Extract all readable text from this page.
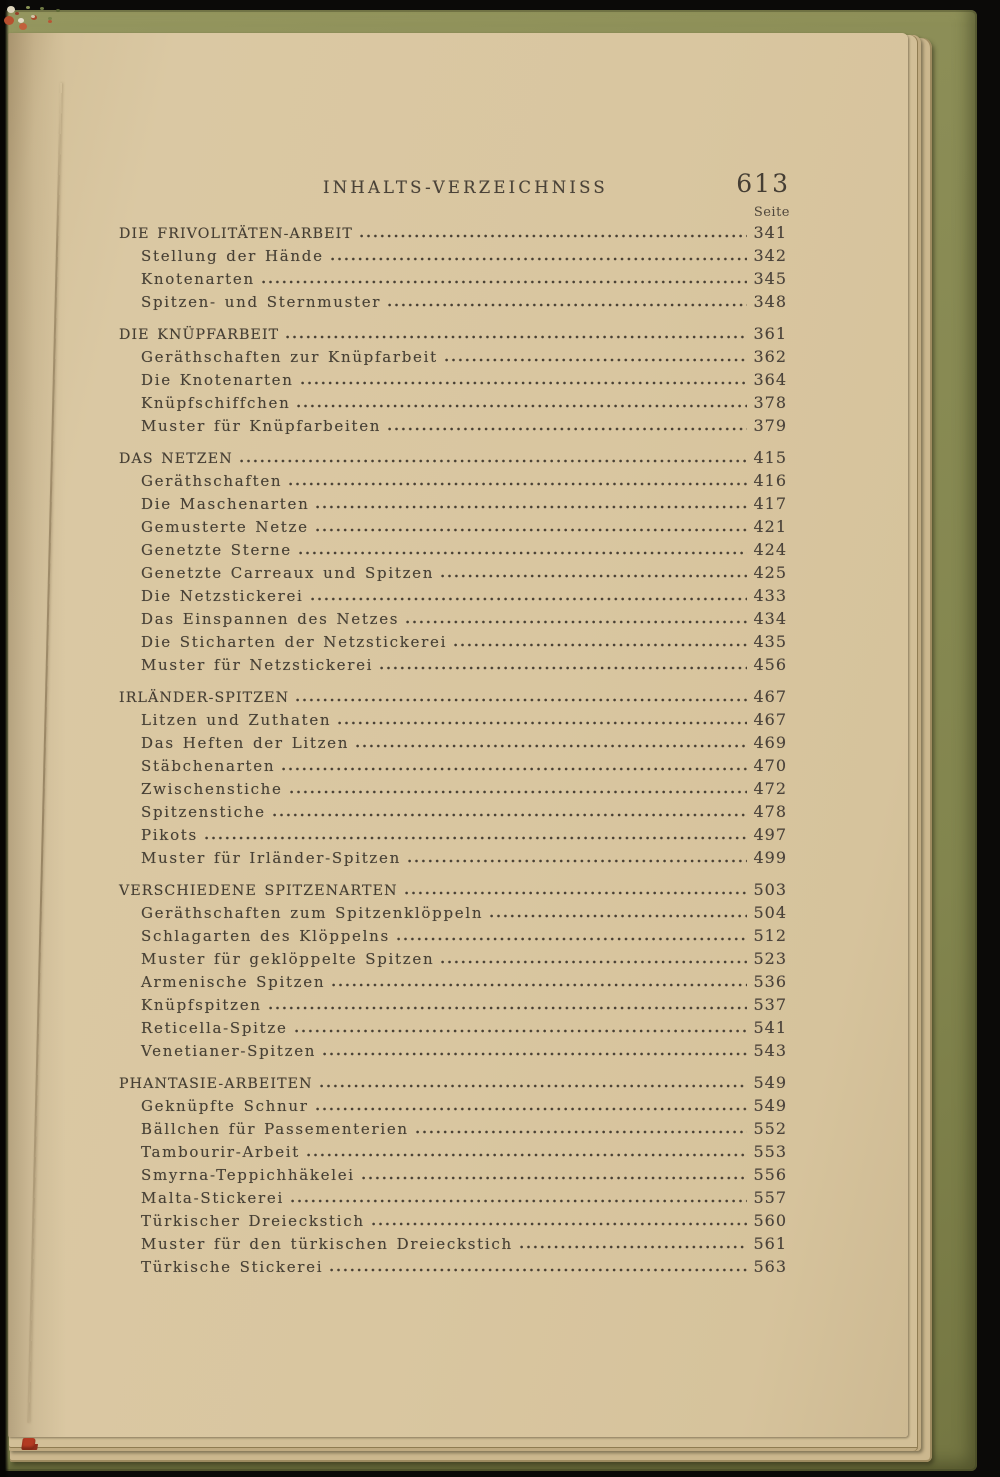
INHALTS-VERZEICHNISS	613
Seite
DIE FRIVOLITÄTEN-ARBEIT	341
Stellung der Hände	342
Knotenarten	345
Spitzen- und Sternmuster	348
DIE KNÜPFARBEIT	361
Geräthschaften zur Knüpfarbeit	362
Die Knotenarten	364
Knüpfschiffchen	378
Muster für Knüpfarbeiten	379
DAS NETZEN	415
Geräthschaften	416
Die Maschenarten	417
Gemusterte Netze	421
Genetzte Sterne	424
Genetzte Carreaux und Spitzen	425
Die Netzstickerei	433
Das Einspannen des Netzes	434
Die Sticharten der Netzstickerei	435
Muster für Netzstickerei	456
IRLÄNDER-SPITZEN	467
Litzen und Zuthaten	467
Das Heften der Litzen	469
Stäbchenarten	470
Zwischenstiche	472
Spitzenstiche	478
Pikots	497
Muster für Irländer-Spitzen	499
VERSCHIEDENE SPITZENARTEN	503
Geräthschaften zum Spitzenklöppeln	504
Schlagarten des Klöppelns	512
Muster für geklöppelte Spitzen	523
Armenische Spitzen	536
Knüpfspitzen	537
Reticella-Spitze	541
Venetianer-Spitzen	543
PHANTASIE-ARBEITEN	549
Geknüpfte Schnur	549
Bällchen für Passementerien	552
Tambourir-Arbeit	553
Smyrna-Teppichhäkelei	556
Malta-Stickerei	557
Türkischer Dreieckstich	560
Muster für den türkischen Dreieckstich	561
Türkische Stickerei	563
